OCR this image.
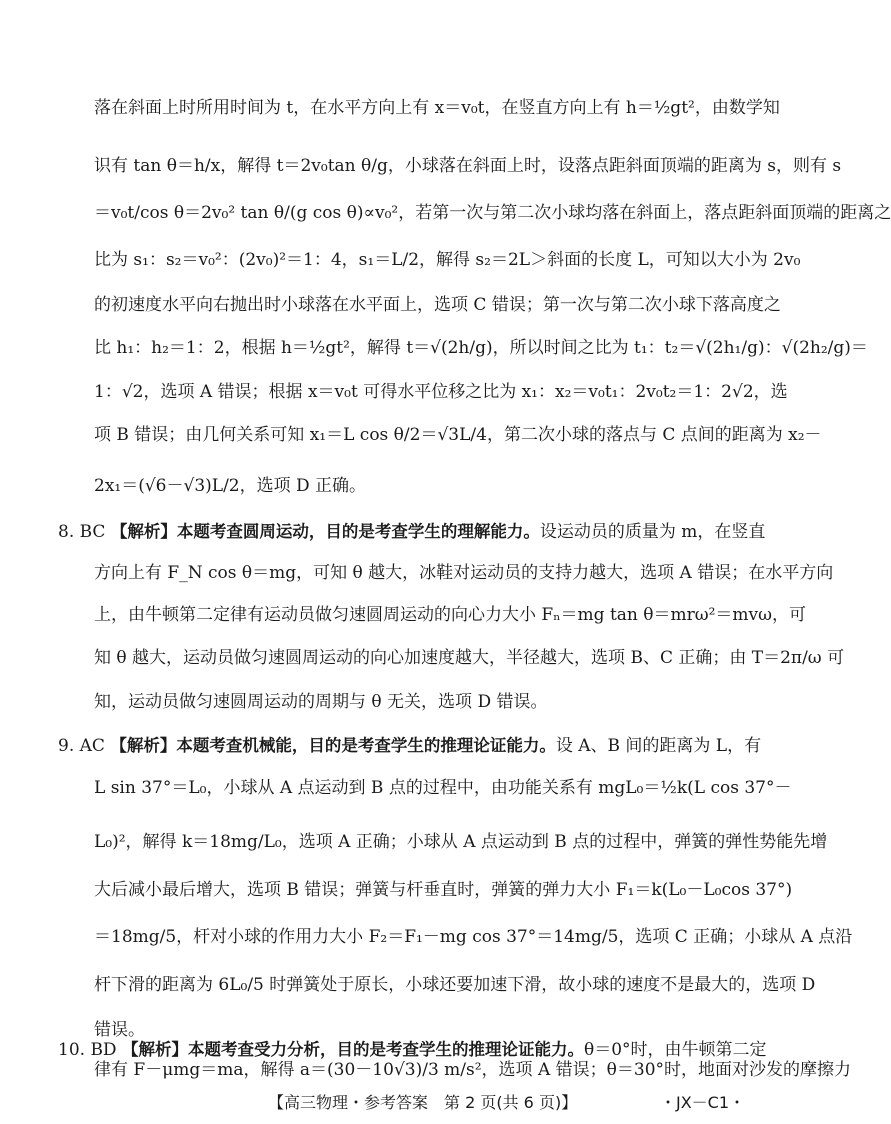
落在斜面上时所用时间为 t，在水平方向上有 x＝v₀t，在竖直方向上有 h＝½gt²，由数学知
识有 tan θ＝h/x，解得 t＝2v₀tan θ/g，小球落在斜面上时，设落点距斜面顶端的距离为 s，则有 s
＝v₀t/cos θ＝2v₀² tan θ/(g cos θ)∝v₀²，若第一次与第二次小球均落在斜面上，落点距斜面顶端的距离之
比为 s₁：s₂＝v₀²：(2v₀)²＝1：4，s₁＝L/2，解得 s₂＝2L＞斜面的长度 L，可知以大小为 2v₀
的初速度水平向右抛出时小球落在水平面上，选项 C 错误；第一次与第二次小球下落高度之
比 h₁：h₂＝1：2，根据 h＝½gt²，解得 t＝√(2h/g)，所以时间之比为 t₁：t₂＝√(2h₁/g)：√(2h₂/g)＝
1：√2，选项 A 错误；根据 x＝v₀t 可得水平位移之比为 x₁：x₂＝v₀t₁：2v₀t₂＝1：2√2，选
项 B 错误；由几何关系可知 x₁＝L cos θ/2＝√3L/4，第二次小球的落点与 C 点间的距离为 x₂－
2x₁＝(√6－√3)L/2，选项 D 正确。
8. BC 【解析】本题考查圆周运动，目的是考查学生的理解能力。设运动员的质量为 m，在竖直
方向上有 F_N cos θ＝mg，可知 θ 越大，冰鞋对运动员的支持力越大，选项 A 错误；在水平方向
上，由牛顿第二定律有运动员做匀速圆周运动的向心力大小 Fₙ＝mg tan θ＝mrω²＝mvω，可
知 θ 越大，运动员做匀速圆周运动的向心加速度越大，半径越大，选项 B、C 正确；由 T＝2π/ω 可
知，运动员做匀速圆周运动的周期与 θ 无关，选项 D 错误。
9. AC 【解析】本题考查机械能，目的是考查学生的推理论证能力。设 A、B 间的距离为 L，有
L sin 37°＝L₀，小球从 A 点运动到 B 点的过程中，由功能关系有 mgL₀＝½k(L cos 37°－
L₀)²，解得 k＝18mg/L₀，选项 A 正确；小球从 A 点运动到 B 点的过程中，弹簧的弹性势能先增
大后减小最后增大，选项 B 错误；弹簧与杆垂直时，弹簧的弹力大小 F₁＝k(L₀－L₀cos 37°)
＝18mg/5，杆对小球的作用力大小 F₂＝F₁－mg cos 37°＝14mg/5，选项 C 正确；小球从 A 点沿
杆下滑的距离为 6L₀/5 时弹簧处于原长，小球还要加速下滑，故小球的速度不是最大的，选项 D
错误。
【高三物理・参考答案　第 2 页(共 6 页)】	・JX－C1・
10. BD 【解析】本题考查受力分析，目的是考查学生的推理论证能力。θ＝0°时，由牛顿第二定
律有 F－μmg＝ma，解得 a＝(30－10√3)/3 m/s²，选项 A 错误；θ＝30°时，地面对沙发的摩擦力
